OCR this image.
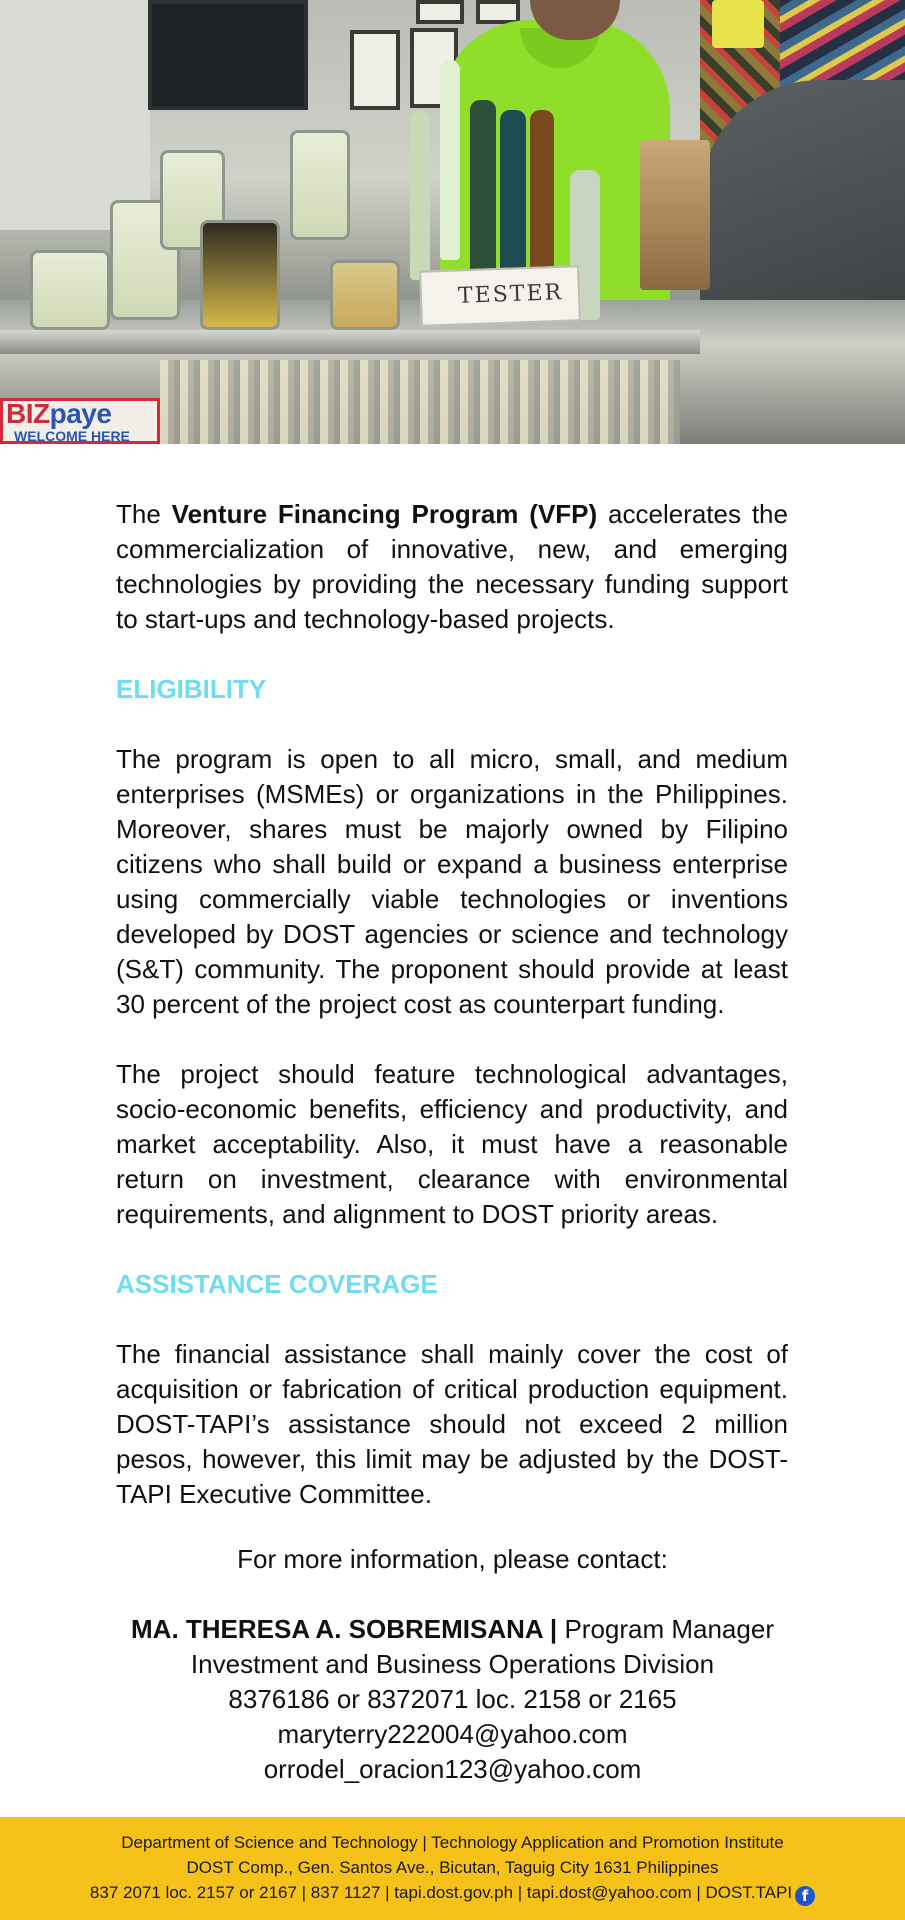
TESTER
BIZpaye
WELCOME HERE

The Venture Financing Program (VFP) accelerates the commercialization of innovative, new, and emerging technologies by providing the necessary funding support to start-ups and technology-based projects.

ELIGIBILITY

The program is open to all micro, small, and medium enterprises (MSMEs) or organizations in the Philippines. Moreover, shares must be majorly owned by Filipino citizens who shall build or expand a business enterprise using commercially viable technologies or inventions developed by DOST agencies or science and technology (S&T) community. The proponent should provide at least 30 percent of the project cost as counterpart funding.

The project should feature technological advantages, socio-economic benefits, efficiency and productivity, and market acceptability. Also, it must have a reasonable return on investment, clearance with environmental requirements, and alignment to DOST priority areas.

ASSISTANCE COVERAGE

The financial assistance shall mainly cover the cost of acquisition or fabrication of critical production equipment. DOST-TAPI’s assistance should not exceed 2 million pesos, however, this limit may be adjusted by the DOST-TAPI Executive Committee.

For more information, please contact:

MA. THERESA A. SOBREMISANA | Program Manager

Investment and Business Operations Division

8376186 or 8372071 loc. 2158 or 2165

maryterry222004@yahoo.com

orrodel_oracion123@yahoo.com

Department of Science and Technology | Technology Application and Promotion Institute

DOST Comp., Gen. Santos Ave., Bicutan, Taguig City 1631 Philippines

837 2071 loc. 2157 or 2167 | 837 1127 | tapi.dost.gov.ph | tapi.dost@yahoo.com | DOST.TAPI f
